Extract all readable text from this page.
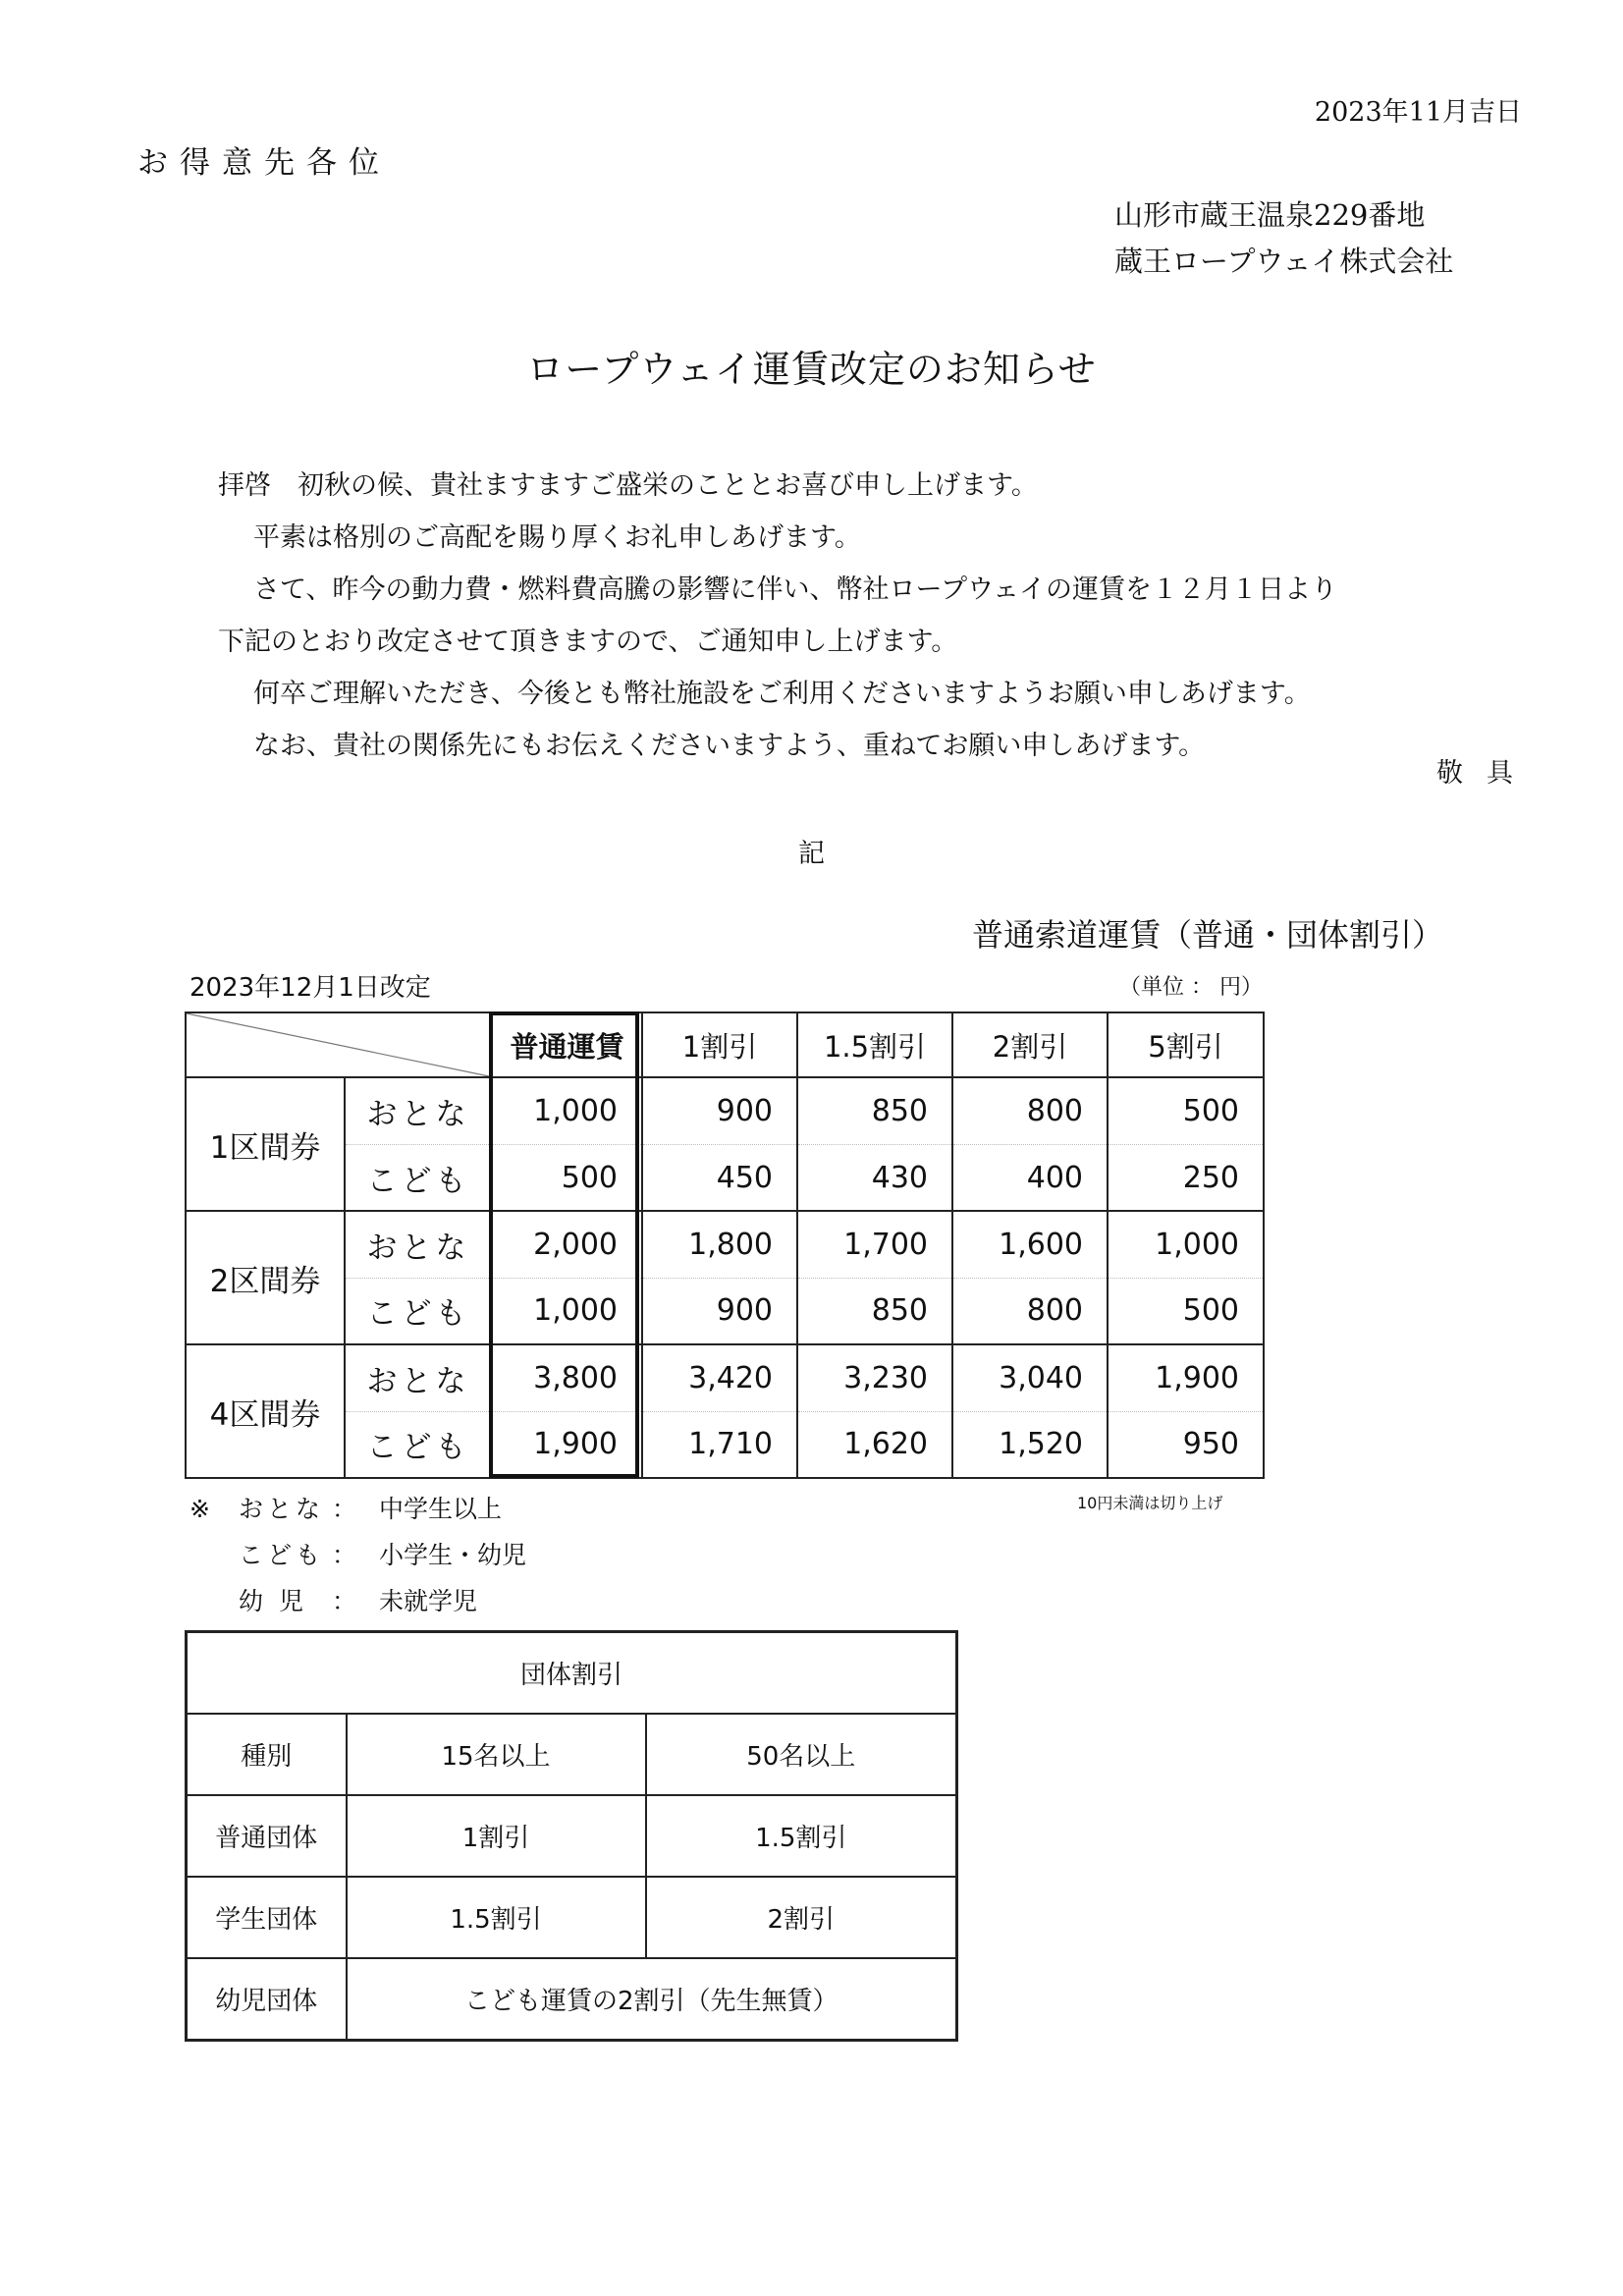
2023年11月吉日
お得意先各位
山形市蔵王温泉229番地
蔵王ロープウェイ株式会社
ロープウェイ運賃改定のお知らせ
拝啓　初秋の候、貴社ますますご盛栄のこととお喜び申し上げます。
平素は格別のご高配を賜り厚くお礼申しあげます。
さて、昨今の動力費・燃料費高騰の影響に伴い、幣社ロープウェイの運賃を１２月１日より
下記のとおり改定させて頂きますので、ご通知申し上げます。
何卒ご理解いただき、今後とも幣社施設をご利用くださいますようお願い申しあげます。
なお、貴社の関係先にもお伝えくださいますよう、重ねてお願い申しあげます。
敬具
記
普通索道運賃（普通・団体割引）
2023年12月1日改定	（単位 ： 円）
	普通運賃	1割引	1.5割引	2割引	5割引
1区間券	おとな	1,000	900	850	800	500
	こども	500	450	430	400	250
2区間券	おとな	2,000	1,800	1,700	1,600	1,000
	こども	1,000	900	850	800	500
4区間券	おとな	3,800	3,420	3,230	3,040	1,900
	こども	1,900	1,710	1,620	1,520	950
※	おとな ： 中学生以上
こども ： 小学生・幼児
幼 児	： 未就学児
10円未満は切り上げ
団体割引		
種別	15名以上	50名以上
普通団体	1割引	1.5割引
学生団体	1.5割引	2割引
幼児団体	こども運賃の2割引（先生無賃）	
